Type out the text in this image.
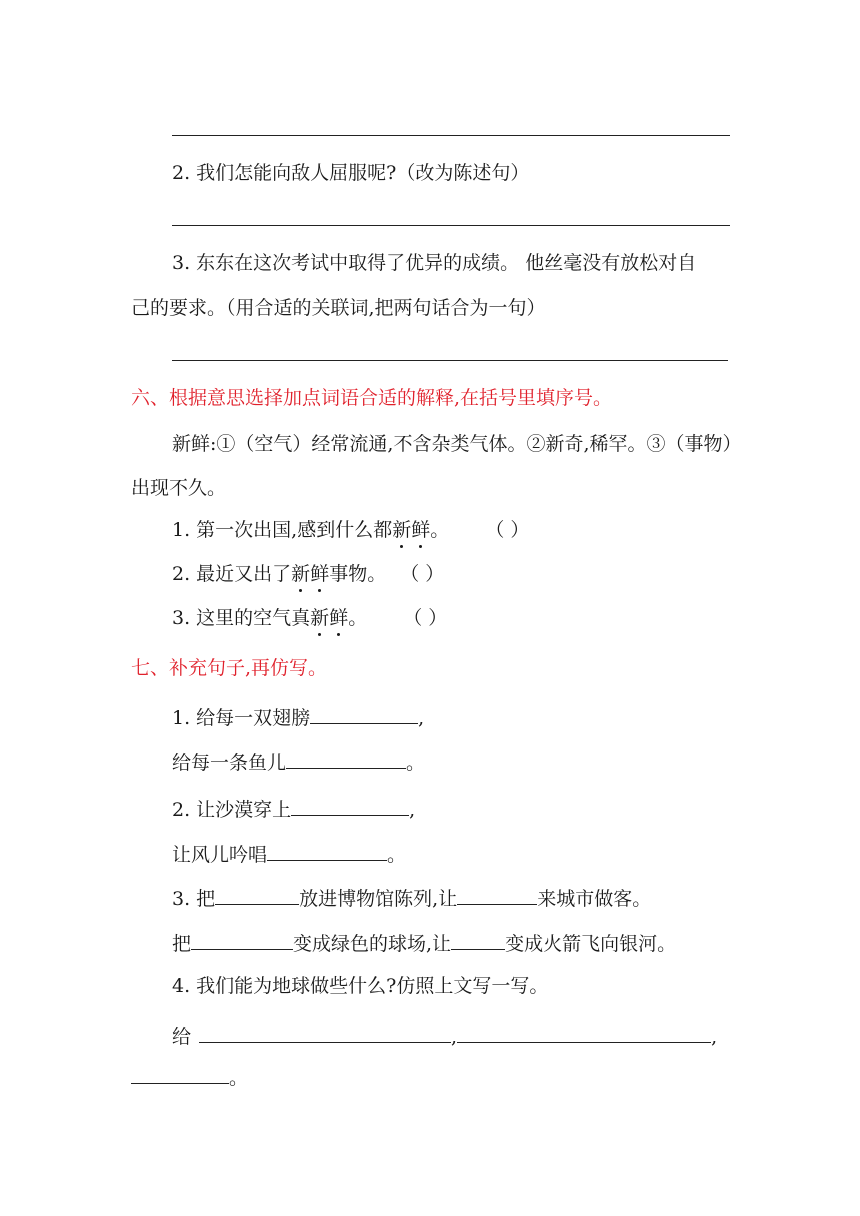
2. 我们怎能向敌人屈服呢?（改为陈述句）
3. 东东在这次考试中取得了优异的成绩。 他丝毫没有放松对自
己的要求。（用合适的关联词,把两句话合为一句）
六、根据意思选择加点词语合适的解释,在括号里填序号。
新鲜:①（空气）经常流通,不含杂类气体。②新奇,稀罕。③（事物）
出现不久。
1. 第一次出国,感到什么都新鲜。 （ ）
2. 最近又出了新鲜事物。 （ ）
3. 这里的空气真新鲜。 （ ）
七、补充句子,再仿写。
1. 给每一双翅膀	,
给每一条鱼儿	。
2. 让沙漠穿上	,
让风儿吟唱	。
3. 把	放进博物馆陈列,让	来城市做客。
把	变成绿色的球场,让	变成火箭飞向银河。
4. 我们能为地球做些什么?仿照上文写一写。
给	,	,
。
